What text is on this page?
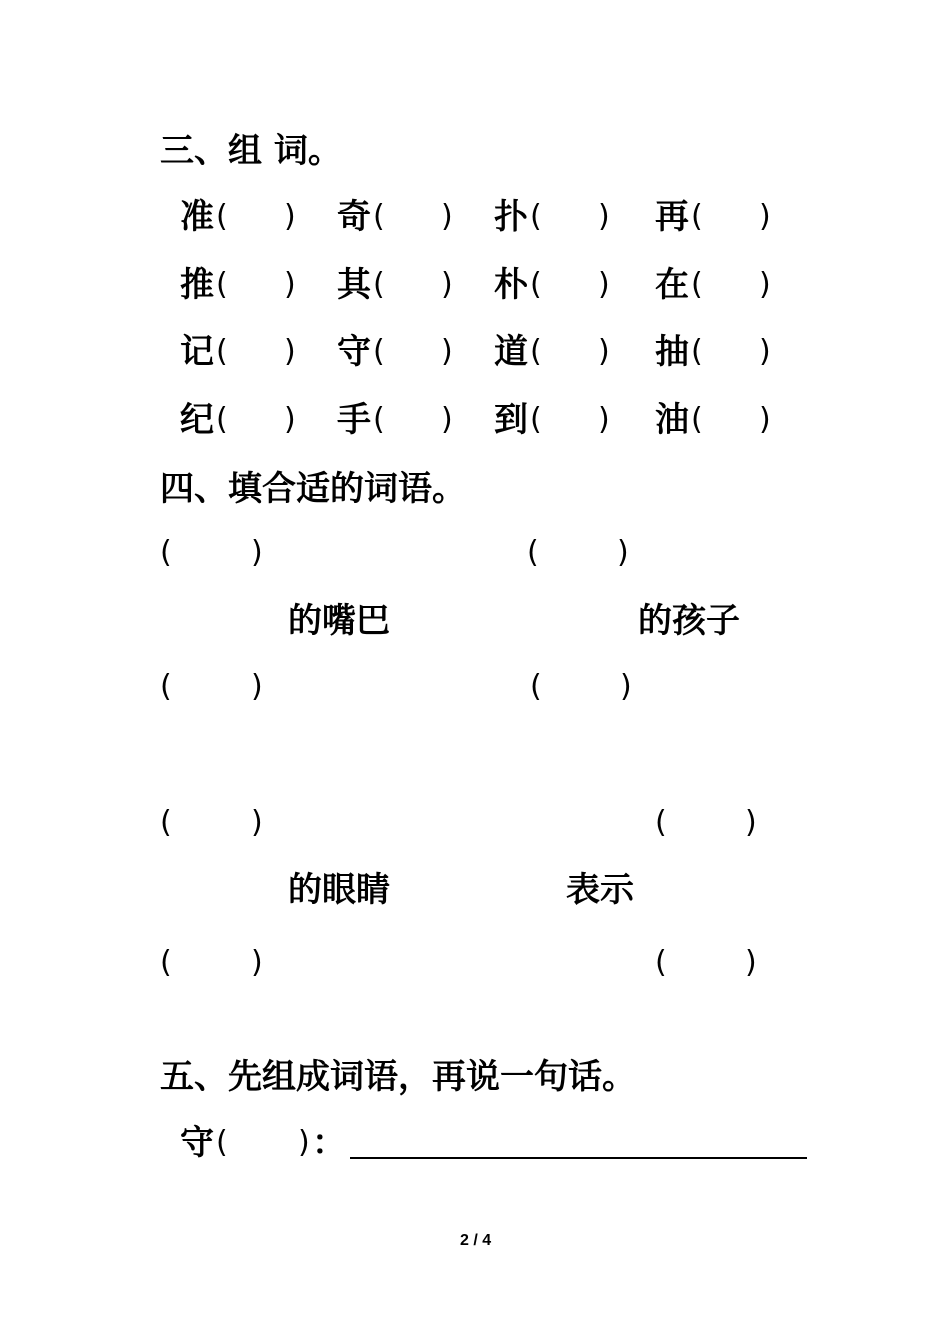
三、组 词。
准 ( ) 奇 ( ) 扑 ( ) 再 ( )
推 ( ) 其 ( ) 朴 ( ) 在 ( )
记 ( ) 守 ( ) 道 ( ) 抽 ( )
纪 ( ) 手 ( ) 到 ( ) 油 ( )
四、填合适的词语。
(	)	(	)
的嘴巴	的孩子
(	)	(	)
(	)	(	)
的眼睛	表示
(	)	(	)
五、先组成词语，再说一句话。
守 ( ) ：
2 / 4
